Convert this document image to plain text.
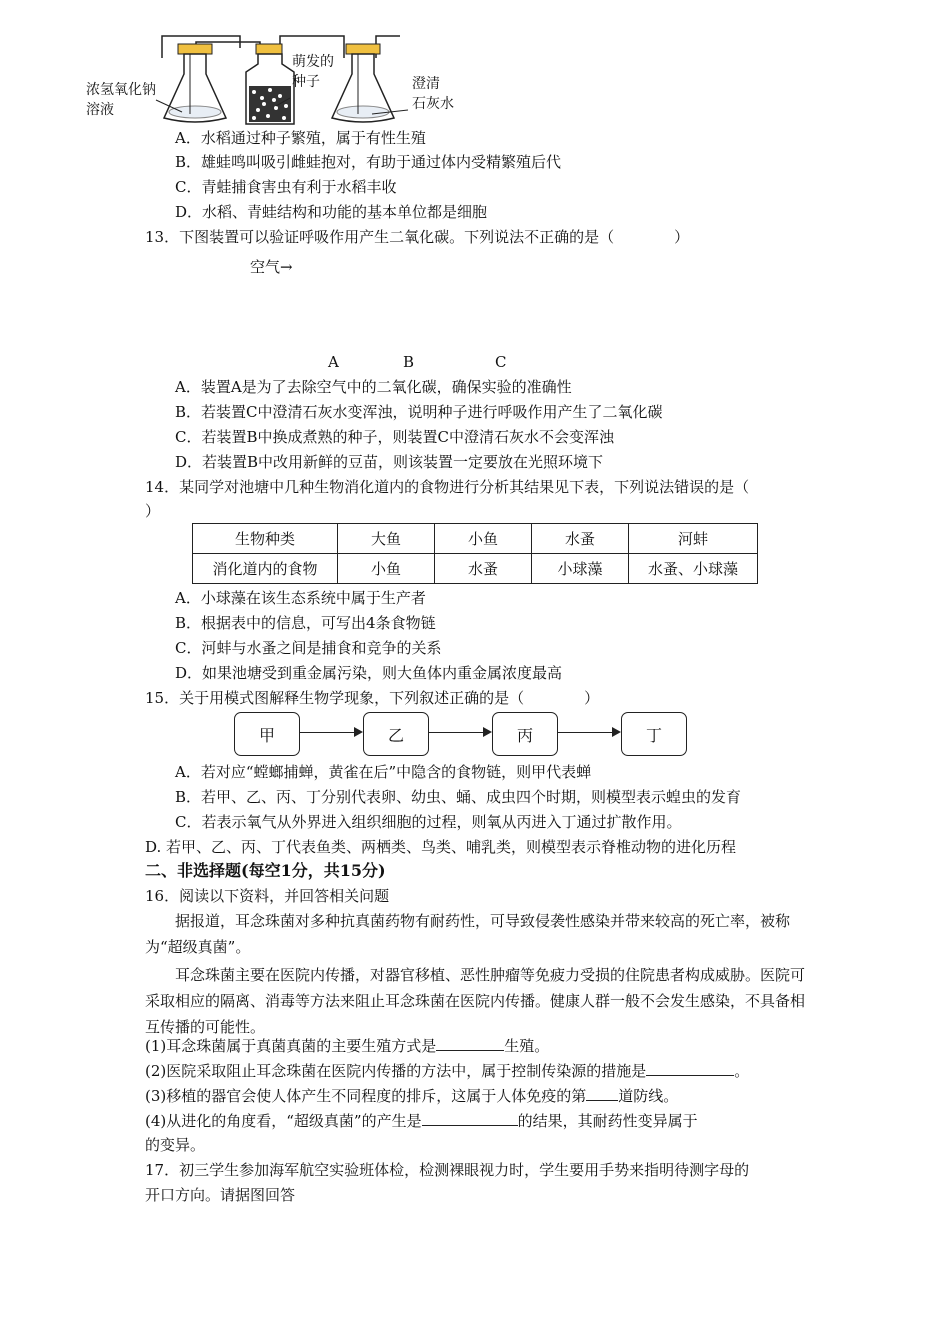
浓氢氧化钠
溶液
萌发的
种子	澄清
石灰水
A．水稻通过种子繁殖，属于有性生殖
B．雄蛙鸣叫吸引雌蛙抱对，有助于通过体内受精繁殖后代
C．青蛙捕食害虫有利于水稻丰收
D．水稻、青蛙结构和功能的基本单位都是细胞
13．下图装置可以验证呼吸作用产生二氧化碳。下列说法不正确的是（　　　　）
空气→
A	B	C
A．装置A是为了去除空气中的二氧化碳，确保实验的准确性
B．若装置C中澄清石灰水变浑浊，说明种子进行呼吸作用产生了二氧化碳
C．若装置B中换成煮熟的种子，则装置C中澄清石灰水不会变浑浊
D．若装置B中改用新鲜的豆苗，则该装置一定要放在光照环境下
14．某同学对池塘中几种生物消化道内的食物进行分析其结果见下表，下列说法错误的是（
）
生物种类	大鱼	小鱼	水蚤	河蚌
消化道内的食物	小鱼	水蚤	小球藻	水蚤、小球藻
A．小球藻在该生态系统中属于生产者
B．根据表中的信息，可写出4条食物链
C．河蚌与水蚤之间是捕食和竞争的关系
D．如果池塘受到重金属污染，则大鱼体内重金属浓度最高
15．关于用模式图解释生物学现象，下列叙述正确的是（　　　　）
甲	乙	丙	丁
A．若对应“螳螂捕蝉，黄雀在后”中隐含的食物链，则甲代表蝉
B．若甲、乙、丙、丁分别代表卵、幼虫、蛹、成虫四个时期，则模型表示蝗虫的发育
C．若表示氧气从外界进入组织细胞的过程，则氧从丙进入丁通过扩散作用。
D. 若甲、乙、丙、丁代表鱼类、两栖类、鸟类、哺乳类，则模型表示脊椎动物的进化历程
二、非选择题(每空1分，共15分)
16．阅读以下资料，并回答相关问题
据报道，耳念珠菌对多种抗真菌药物有耐药性，可导致侵袭性感染并带来较高的死亡率，被称为“超级真菌”。
耳念珠菌主要在医院内传播，对器官移植、恶性肿瘤等免疲力受损的住院患者构成威胁。医院可采取相应的隔离、消毒等方法来阻止耳念珠菌在医院内传播。健康人群一般不会发生感染，不具备相互传播的可能性。
(1)耳念珠菌属于真菌真菌的主要生殖方式是	生殖。
(2)医院采取阻止耳念珠菌在医院内传播的方法中，属于控制传染源的措施是	。
(3)移植的器官会使人体产生不同程度的排斥，这属于人体免疫的第 道防线。
(4)从进化的角度看，“超级真菌”的产生是	的结果，其耐药性变异属于
的变异。
17．初三学生参加海军航空实验班体检，检测裸眼视力时，学生要用手势来指明待测字母的
开口方向。请据图回答
